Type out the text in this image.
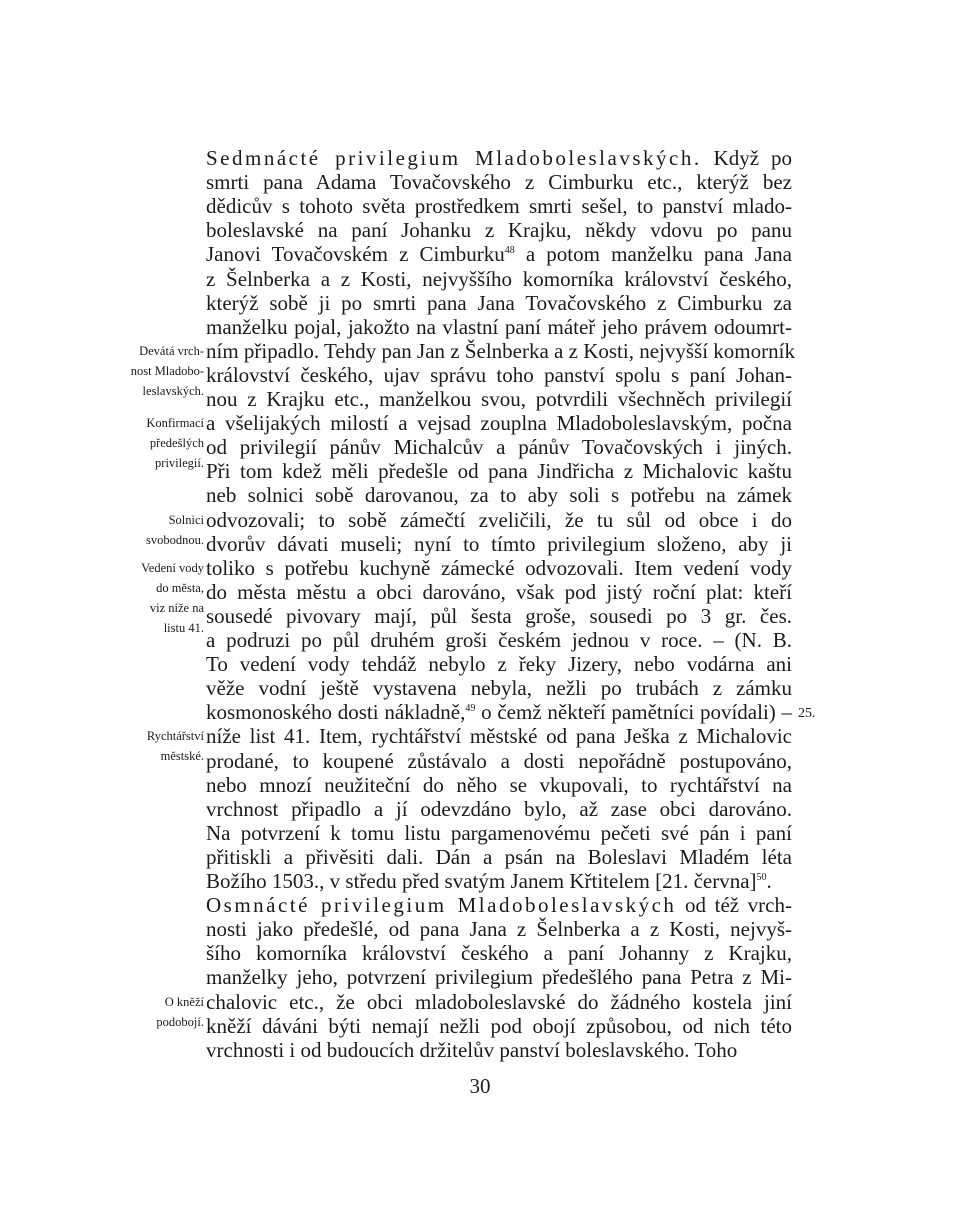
Sedmnácté privilegium Mladoboleslavských. Když po
smrti pana Adama Tovačovského z Cimburku etc., kterýž bez
dědicův s tohoto světa prostředkem smrti sešel, to panství mlado-
boleslavské na paní Johanku z Krajku, někdy vdovu po panu
Janovi Tovačovském z Cimburku$^{48}$ a potom manželku pana Jana
z Šelnberka a z Kosti, nejvyššího komorníka království českého,
kterýž sobě ji po smrti pana Jana Tovačovského z Cimburku za
manželku pojal, jakožto na vlastní paní máteř jeho právem odoumrt-
ním připadlo. Tehdy pan Jan z Šelnberka a z Kosti, nejvyšší komorník
království českého, ujav správu toho panství spolu s paní Johan-
nou z Krajku etc., manželkou svou, potvrdili všechněch privilegií
a všelijakých milostí a vejsad zouplna Mladoboleslavským, počna
od privilegií pánův Michalcův a pánův Tovačovských i jiných.
Při tom kdež měli předešle od pana Jindřicha z Michalovic kaštu
neb solnici sobě darovanou, za to aby soli s potřebu na zámek
odvozovali; to sobě zámečtí zveličili, že tu sůl od obce i do
dvorův dávati museli; nyní to tímto privilegium složeno, aby ji
toliko s potřebu kuchyně zámecké odvozovali. Item vedení vody
do města městu a obci darováno, však pod jistý roční plat: kteří
sousedé pivovary mají, půl šesta groše, sousedi po 3 gr. čes.
a podruzi po půl druhém groši českém jednou v roce. – (N. B.
To vedení vody tehdáž nebylo z řeky Jizery, nebo vodárna ani
věže vodní ještě vystavena nebyla, nežli po trubách z zámku
kosmonoského dosti nákladně,$^{49}$ o čemž někteří pamětníci povídali) –
níže list 41. Item, rychtářství městské od pana Ješka z Michalovic
prodané, to koupené zůstávalo a dosti nepořádně postupováno,
nebo mnozí neužiteční do něho se vkupovali, to rychtářství na
vrchnost připadlo a jí odevzdáno bylo, až zase obci darováno.
Na potvrzení k tomu listu pargamenovému pečeti své pán i paní
přitiskli a přivěsiti dali. Dán a psán na Boleslavi Mladém léta
Božího 1503., v středu před svatým Janem Křtitelem [21. června]$^{50}$.
Osmnácté privilegium Mladoboleslavských od též vrch-
nosti jako předešlé, od pana Jana z Šelnberka a z Kosti, nejvyš-
šího komorníka království českého a paní Johanny z Krajku,
manželky jeho, potvrzení privilegium předešlého pana Petra z Mi-
chalovic etc., že obci mladoboleslavské do žádného kostela jiní
kněží dáváni býti nemají nežli pod obojí způsobou, od nich této
vrchnosti i od budoucích držitelův panství boleslavského. Toho
Devátá vrch-
nost Mladobo-
leslavských.
Konfirmací
předešlých
privilegií.
Solnici
svobodnou.
Vedení vody
do města,
viz níže na
listu 41.
Rychtářství
městské.
O kněží
podobojí.
25.
30
